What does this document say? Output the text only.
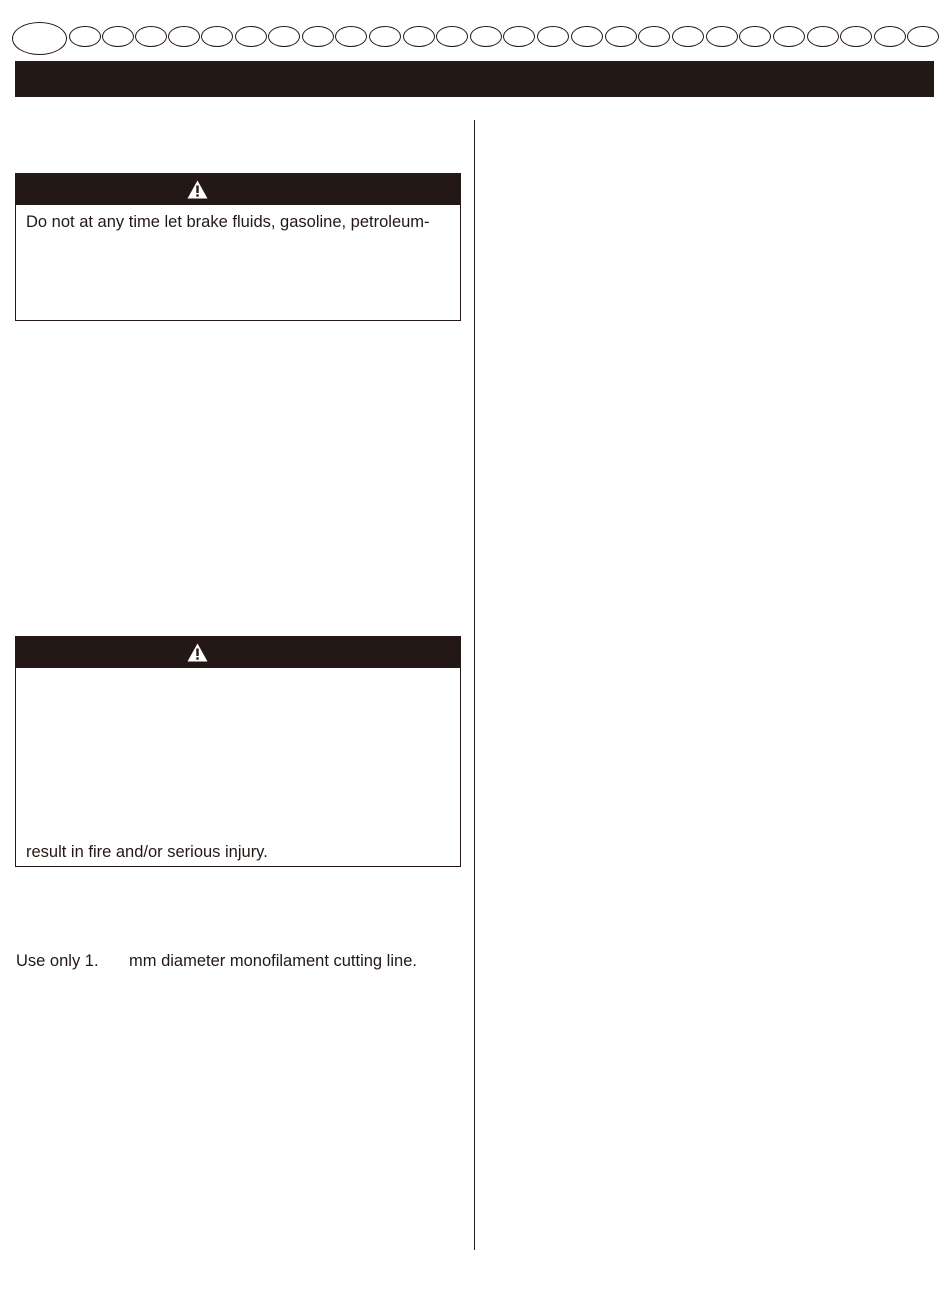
Do not at any time let brake fluids, gasoline, petroleum-
result in fire and/or serious injury.
Use only 1. mm diameter monofilament cutting line.
